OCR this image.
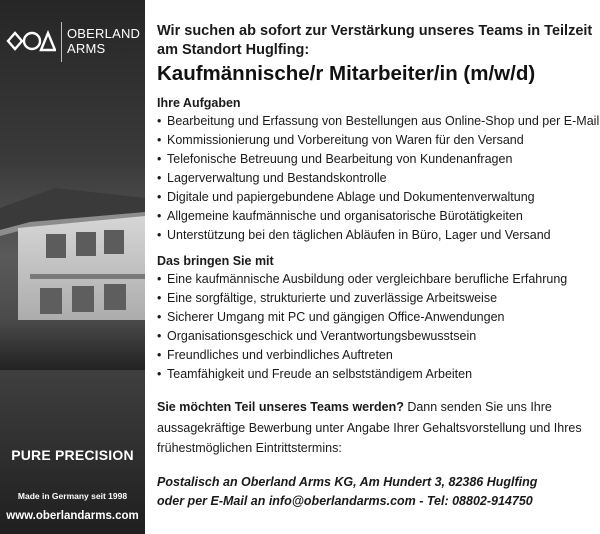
OBERLAND
ARMS
PURE PRECISION
Made in Germany seit 1998
www.oberlandarms.com
Wir suchen ab sofort zur Verstärkung unseres Teams in Teilzeit am Standort Huglfing:
Kaufmännische/r Mitarbeiter/in (m/w/d)
Ihre Aufgaben
• Bearbeitung und Erfassung von Bestellungen aus Online-Shop und per E-Mail
• Kommissionierung und Vorbereitung von Waren für den Versand
• Telefonische Betreuung und Bearbeitung von Kundenanfragen
• Lagerverwaltung und Bestandskontrolle
• Digitale und papiergebundene Ablage und Dokumentenverwaltung
• Allgemeine kaufmännische und organisatorische Bürotätigkeiten
• Unterstützung bei den täglichen Abläufen in Büro, Lager und Versand
Das bringen Sie mit
• Eine kaufmännische Ausbildung oder vergleichbare berufliche Erfahrung
• Eine sorgfältige, strukturierte und zuverlässige Arbeitsweise
• Sicherer Umgang mit PC und gängigen Office-Anwendungen
• Organisationsgeschick und Verantwortungsbewusstsein
• Freundliches und verbindliches Auftreten
• Teamfähigkeit und Freude an selbstständigem Arbeiten
Sie möchten Teil unseres Teams werden? Dann senden Sie uns Ihre aussagekräftige Bewerbung unter Angabe Ihrer Gehaltsvorstellung und Ihres frühestmöglichen Eintrittstermins:
Postalisch an Oberland Arms KG, Am Hundert 3, 82386 Huglfing
oder per E-Mail an info@oberlandarms.com - Tel: 08802-914750
